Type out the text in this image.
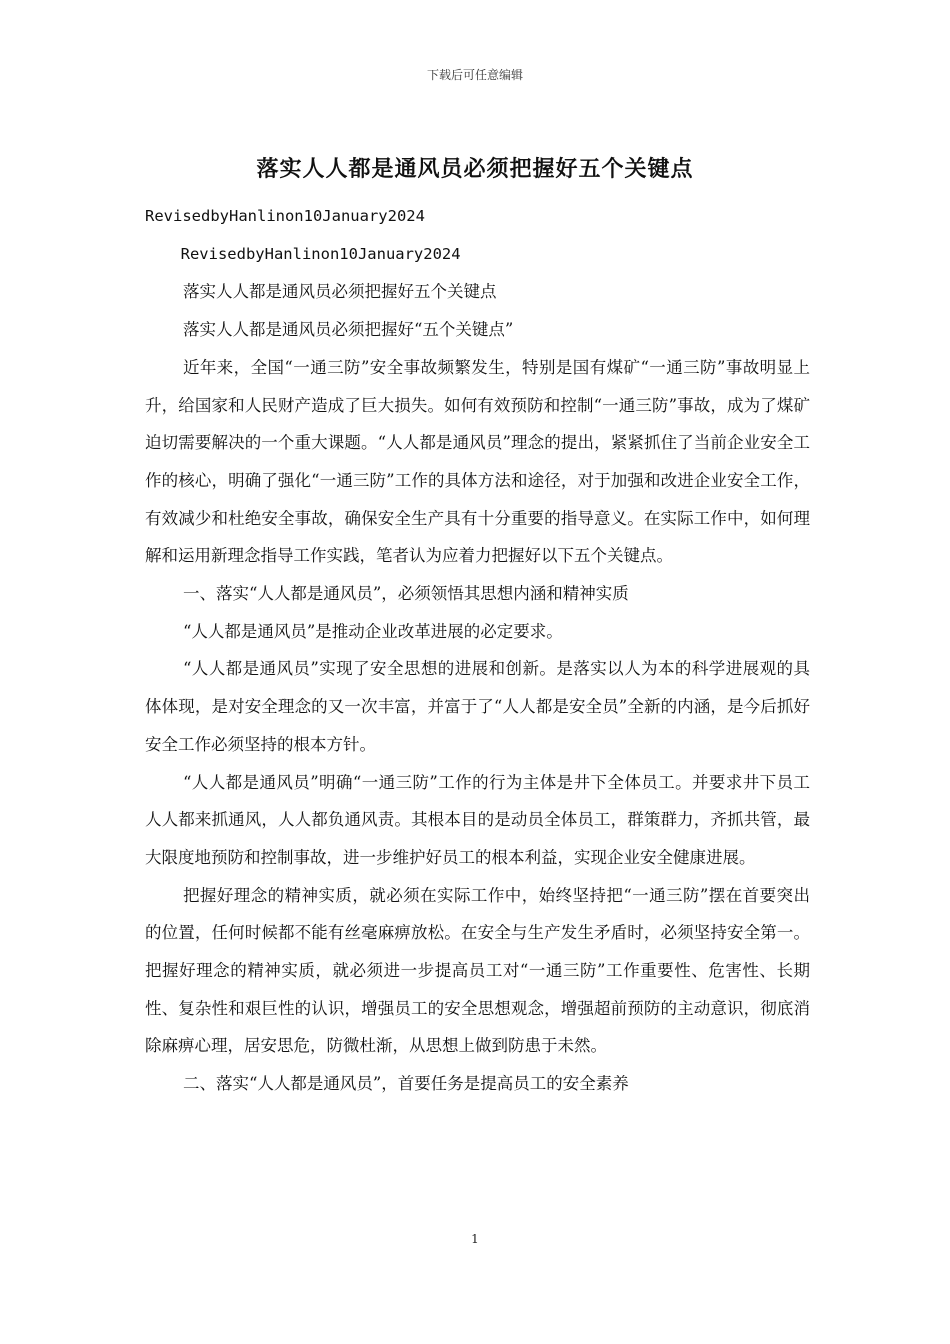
下载后可任意编辑
落实人人都是通风员必须把握好五个关键点

RevisedbyHanlinon10January2024

RevisedbyHanlinon10January2024

落实人人都是通风员必须把握好五个关键点

落实人人都是通风员必须把握好“五个关键点”

近年来，全国“一通三防”安全事故频繁发生，特别是国有煤矿“一通三防”事故明显上升，给国家和人民财产造成了巨大损失。如何有效预防和控制“一通三防”事故，成为了煤矿迫切需要解决的一个重大课题。“人人都是通风员”理念的提出，紧紧抓住了当前企业安全工作的核心，明确了强化“一通三防”工作的具体方法和途径，对于加强和改进企业安全工作，有效减少和杜绝安全事故，确保安全生产具有十分重要的指导意义。在实际工作中，如何理解和运用新理念指导工作实践，笔者认为应着力把握好以下五个关键点。

一、落实“人人都是通风员”，必须领悟其思想内涵和精神实质

“人人都是通风员”是推动企业改革进展的必定要求。

“人人都是通风员”实现了安全思想的进展和创新。是落实以人为本的科学进展观的具体体现，是对安全理念的又一次丰富，并富于了“人人都是安全员”全新的内涵，是今后抓好安全工作必须坚持的根本方针。

“人人都是通风员”明确“一通三防”工作的行为主体是井下全体员工。并要求井下员工人人都来抓通风，人人都负通风责。其根本目的是动员全体员工，群策群力，齐抓共管，最大限度地预防和控制事故，进一步维护好员工的根本利益，实现企业安全健康进展。

把握好理念的精神实质，就必须在实际工作中，始终坚持把“一通三防”摆在首要突出的位置，任何时候都不能有丝毫麻痹放松。在安全与生产发生矛盾时，必须坚持安全第一。把握好理念的精神实质，就必须进一步提高员工对“一通三防”工作重要性、危害性、长期性、复杂性和艰巨性的认识，增强员工的安全思想观念，增强超前预防的主动意识，彻底消除麻痹心理，居安思危，防微杜渐，从思想上做到防患于未然。

二、落实“人人都是通风员”，首要任务是提高员工的安全素养

1
